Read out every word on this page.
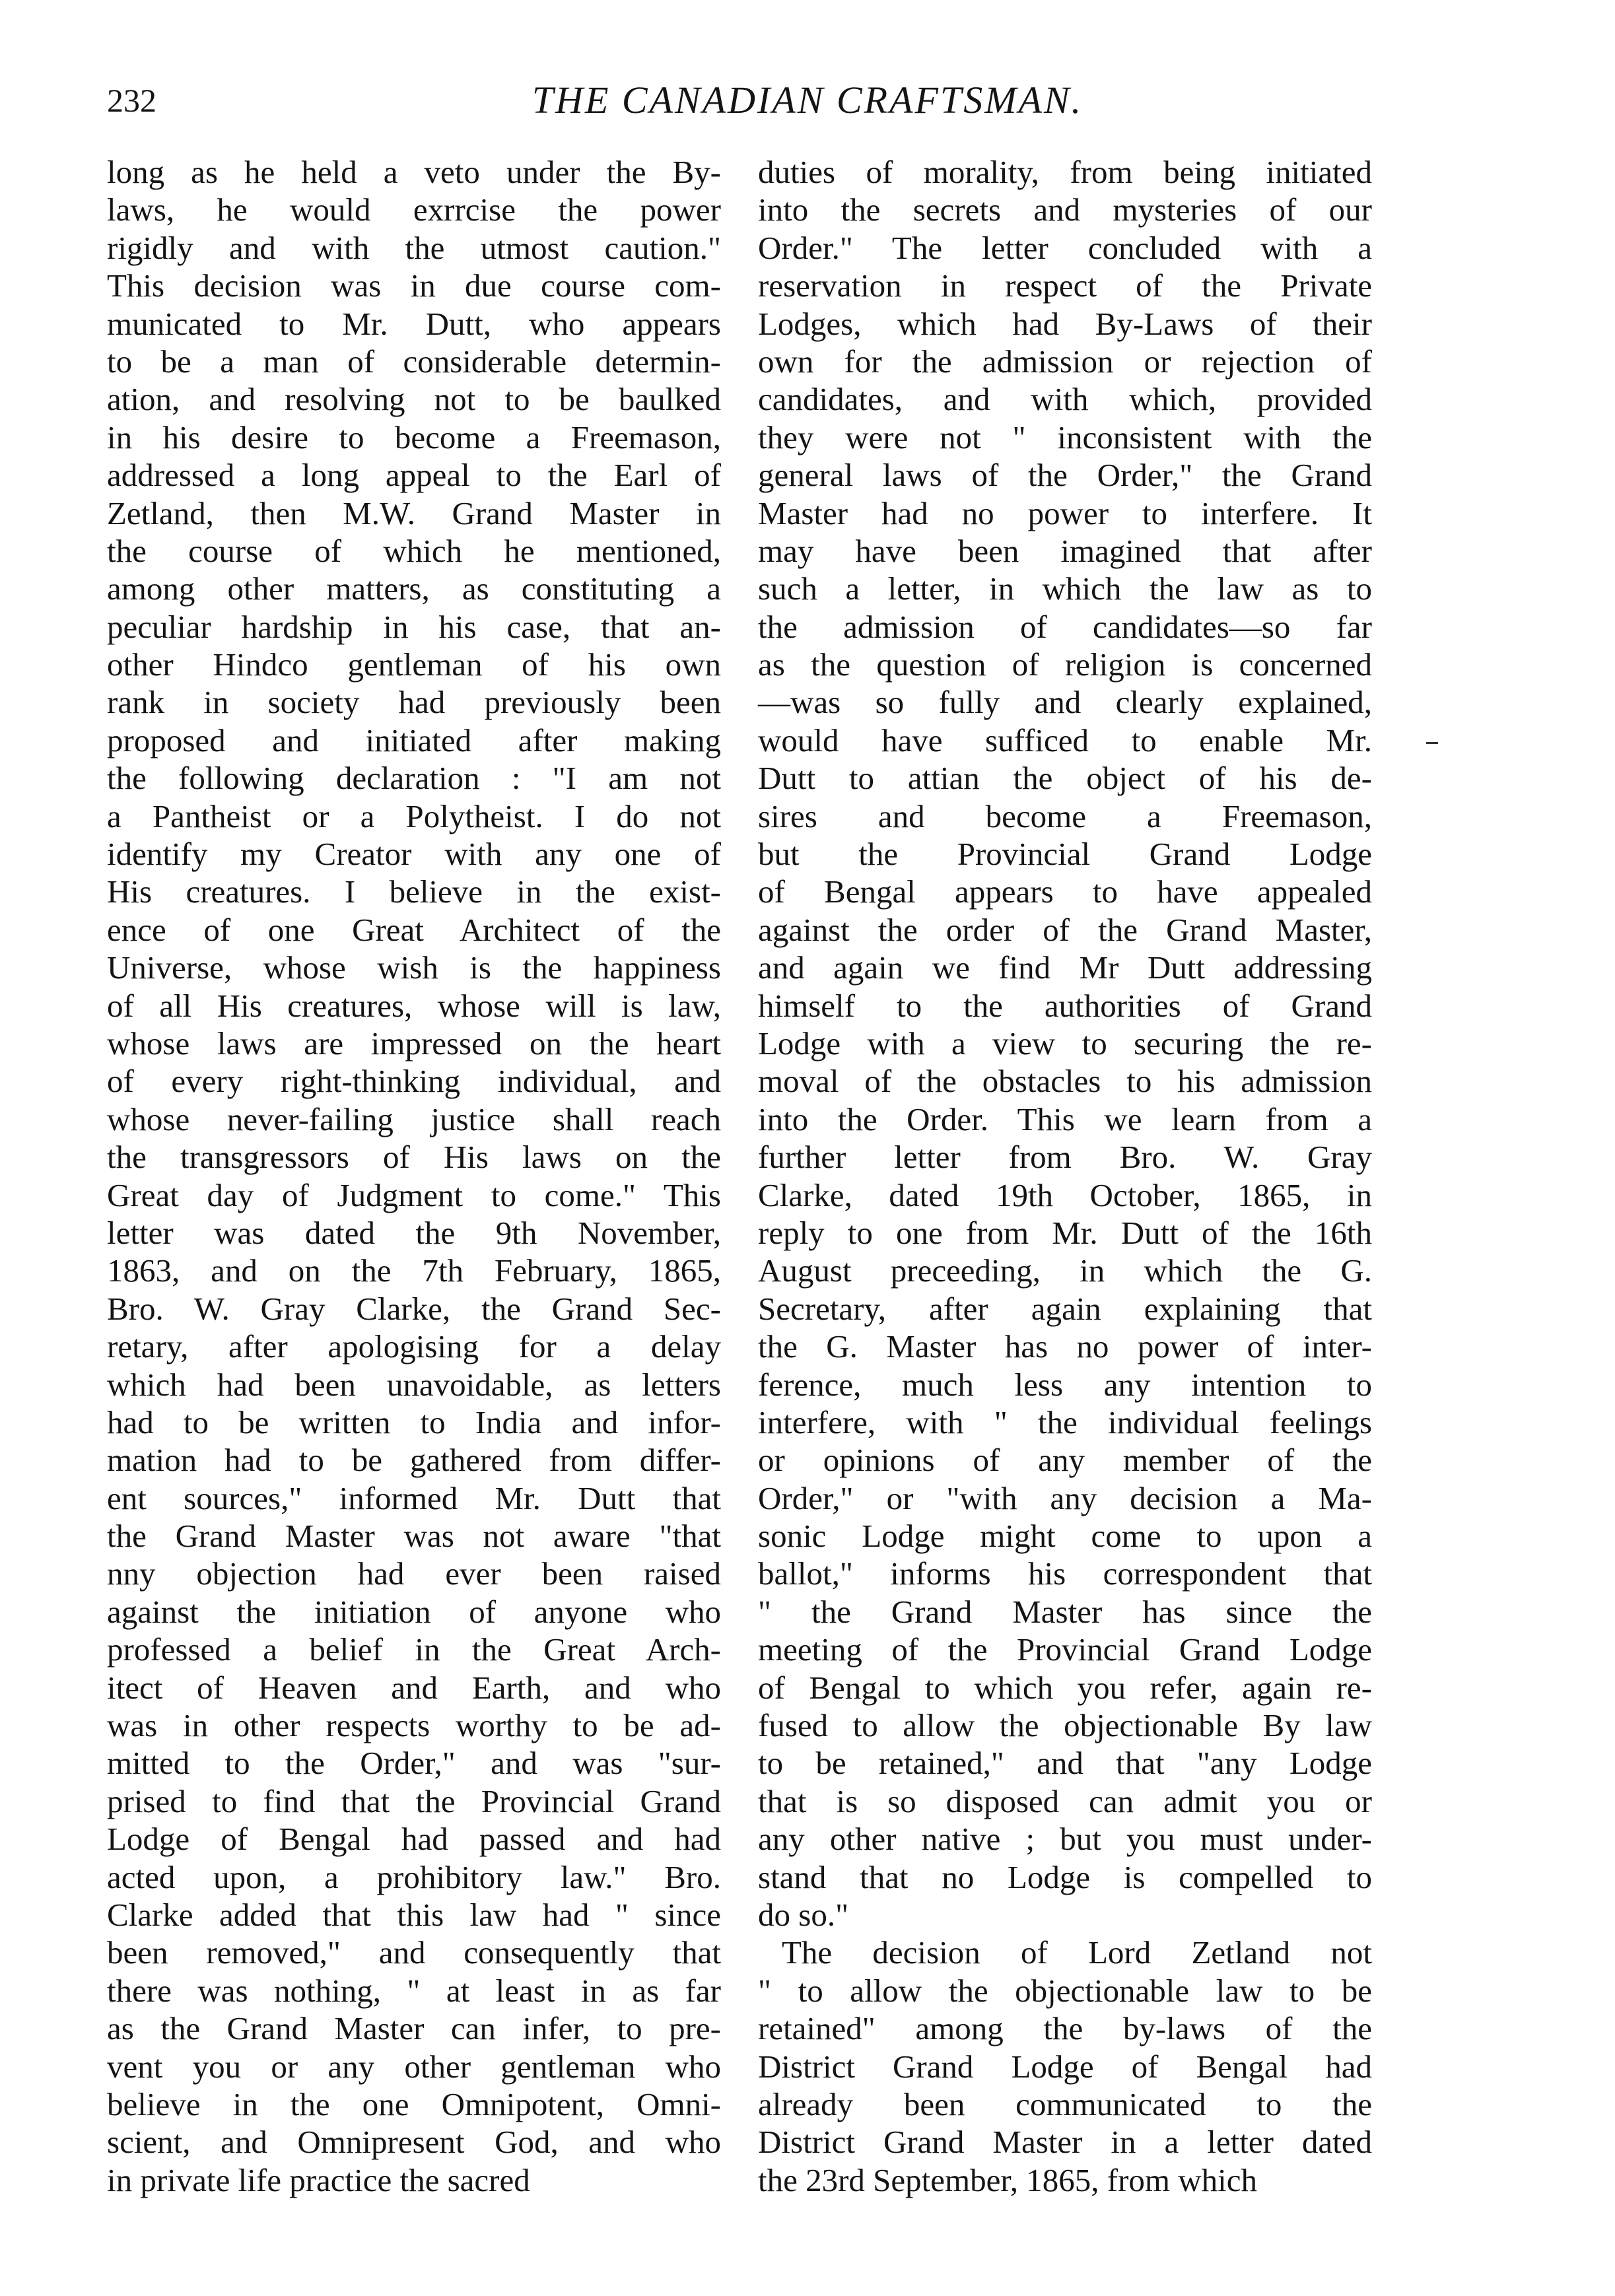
232	THE CANADIAN CRAFTSMAN.
long as he held a veto under the By-
laws, he would exrrcise the power
rigidly and with the utmost caution."
This decision was in due course com-
municated to Mr. Dutt, who appears
to be a man of considerable determin-
ation, and resolving not to be baulked
in his desire to become a Freemason,
addressed a long appeal to the Earl of
Zetland, then M.W. Grand Master in
the course of which he mentioned,
among other matters, as constituting a
peculiar hardship in his case, that an-
other Hindco gentleman of his own
rank in society had previously been
proposed and initiated after making
the following declaration : "I am not
a Pantheist or a Polytheist. I do not
identify my Creator with any one of
His creatures. I believe in the exist-
ence of one Great Architect of the
Universe, whose wish is the happiness
of all His creatures, whose will is law,
whose laws are impressed on the heart
of every right-thinking individual, and
whose never-failing justice shall reach
the transgressors of His laws on the
Great day of Judgment to come." This
letter was dated the 9th November,
1863, and on the 7th February, 1865,
Bro. W. Gray Clarke, the Grand Sec-
retary, after apologising for a delay
which had been unavoidable, as letters
had to be written to India and infor-
mation had to be gathered from differ-
ent sources," informed Mr. Dutt that
the Grand Master was not aware "that
nny objection had ever been raised
against the initiation of anyone who
professed a belief in the Great Arch-
itect of Heaven and Earth, and who
was in other respects worthy to be ad-
mitted to the Order," and was "sur-
prised to find that the Provincial Grand
Lodge of Bengal had passed and had
acted upon, a prohibitory law." Bro.
Clarke added that this law had " since
been removed," and consequently that
there was nothing, " at least in as far
as the Grand Master can infer, to pre-
vent you or any other gentleman who
believe in the one Omnipotent, Omni-
scient, and Omnipresent God, and who
in private life practice the sacred
duties of morality, from being initiated
into the secrets and mysteries of our
Order." The letter concluded with a
reservation in respect of the Private
Lodges, which had By-Laws of their
own for the admission or rejection of
candidates, and with which, provided
they were not " inconsistent with the
general laws of the Order," the Grand
Master had no power to interfere. It
may have been imagined that after
such a letter, in which the law as to
the admission of candidates—so far
as the question of religion is concerned
—was so fully and clearly explained,
would have sufficed to enable Mr.
Dutt to attian the object of his de-
sires and become a Freemason,
but the Provincial Grand Lodge
of Bengal appears to have appealed
against the order of the Grand Master,
and again we find Mr Dutt addressing
himself to the authorities of Grand
Lodge with a view to securing the re-
moval of the obstacles to his admission
into the Order. This we learn from a
further letter from Bro. W. Gray
Clarke, dated 19th October, 1865, in
reply to one from Mr. Dutt of the 16th
August preceeding, in which the G.
Secretary, after again explaining that
the G. Master has no power of inter-
ference, much less any intention to
interfere, with " the individual feelings
or opinions of any member of the
Order," or "with any decision a Ma-
sonic Lodge might come to upon a
ballot," informs his correspondent that
" the Grand Master has since the
meeting of the Provincial Grand Lodge
of Bengal to which you refer, again re-
fused to allow the objectionable By law
to be retained," and that "any Lodge
that is so disposed can admit you or
any other native ; but you must under-
stand that no Lodge is compelled to
do so."
The decision of Lord Zetland not
" to allow the objectionable law to be
retained" among the by-laws of the
District Grand Lodge of Bengal had
already been communicated to the
District Grand Master in a letter dated
the 23rd September, 1865, from which
